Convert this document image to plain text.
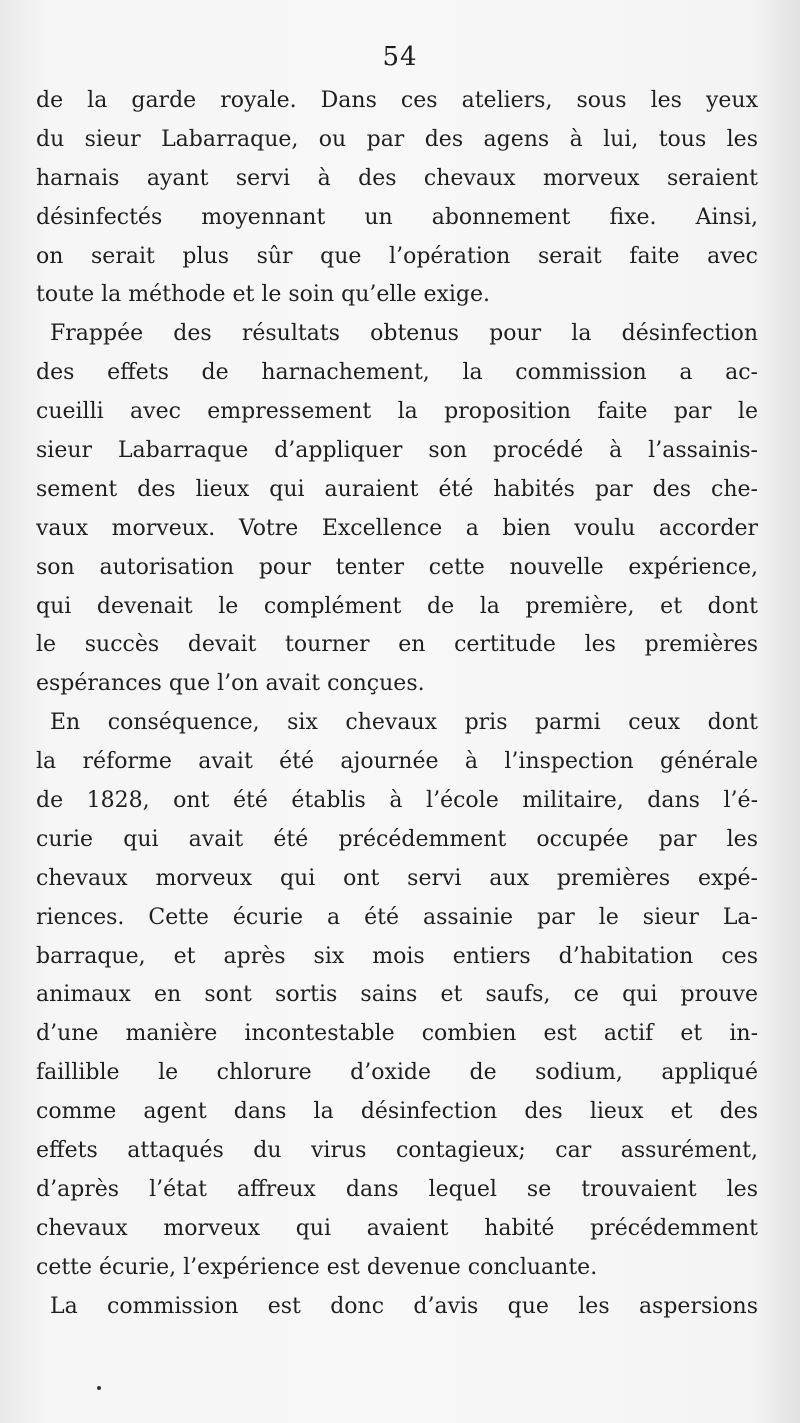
54
de la garde royale. Dans ces ateliers, sous les yeux
du sieur Labarraque, ou par des agens à lui, tous les
harnais ayant servi à des chevaux morveux seraient
désinfectés moyennant un abonnement fixe. Ainsi,
on serait plus sûr que l’opération serait faite avec
toute la méthode et le soin qu’elle exige.
Frappée des résultats obtenus pour la désinfection
des effets de harnachement, la commission a ac-
cueilli avec empressement la proposition faite par le
sieur Labarraque d’appliquer son procédé à l’assainis-
sement des lieux qui auraient été habités par des che-
vaux morveux. Votre Excellence a bien voulu accorder
son autorisation pour tenter cette nouvelle expérience,
qui devenait le complément de la première, et dont
le succès devait tourner en certitude les premières
espérances que l’on avait conçues.
En conséquence, six chevaux pris parmi ceux dont
la réforme avait été ajournée à l’inspection générale
de 1828, ont été établis à l’école militaire, dans l’é-
curie qui avait été précédemment occupée par les
chevaux morveux qui ont servi aux premières expé-
riences. Cette écurie a été assainie par le sieur La-
barraque, et après six mois entiers d’habitation ces
animaux en sont sortis sains et saufs, ce qui prouve
d’une manière incontestable combien est actif et in-
faillible le chlorure d’oxide de sodium, appliqué
comme agent dans la désinfection des lieux et des
effets attaqués du virus contagieux; car assurément,
d’après l’état affreux dans lequel se trouvaient les
chevaux morveux qui avaient habité précédemment
cette écurie, l’expérience est devenue concluante.
La commission est donc d’avis que les aspersions
